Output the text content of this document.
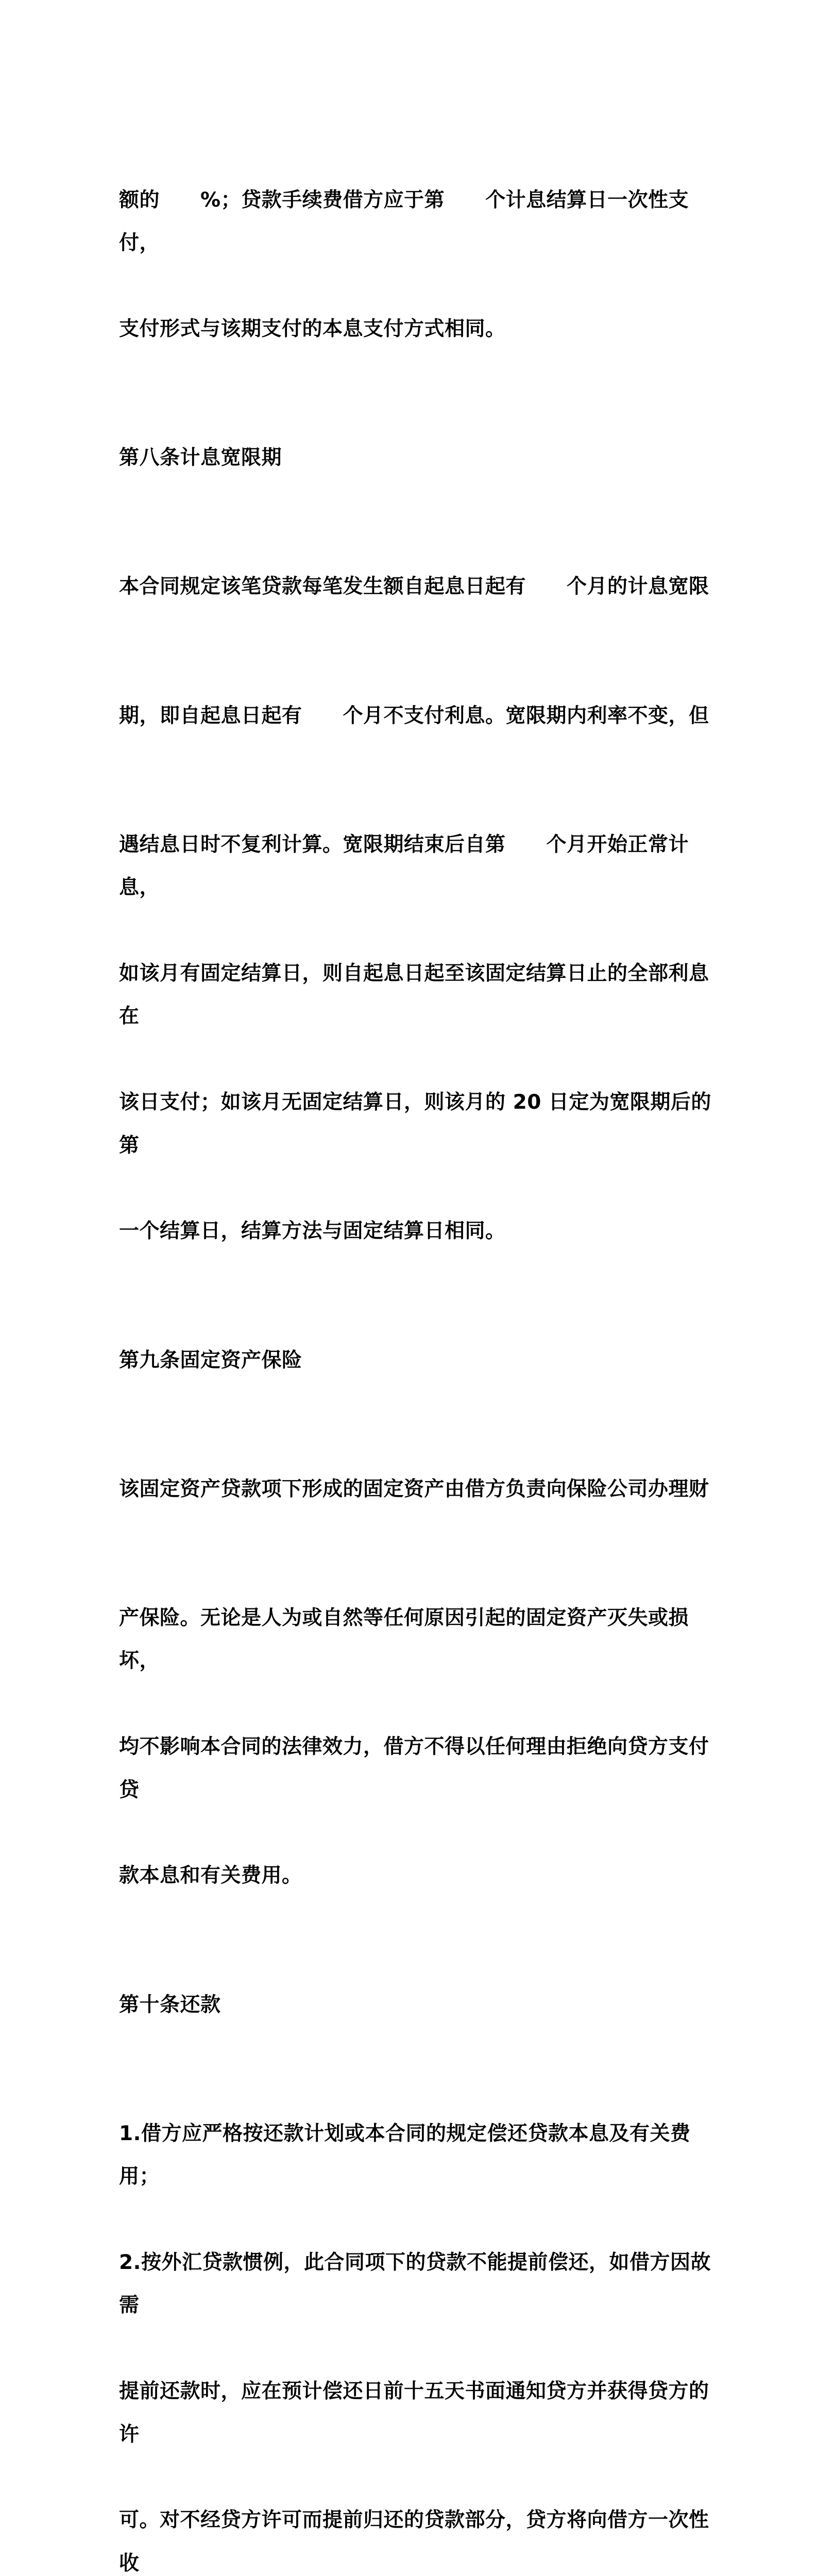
额的　　%；贷款手续费借方应于第　　个计息结算日一次性支付，

支付形式与该期支付的本息支付方式相同。

第八条计息宽限期

本合同规定该笔贷款每笔发生额自起息日起有　　个月的计息宽限

期，即自起息日起有　　个月不支付利息。宽限期内利率不变，但

遇结息日时不复利计算。宽限期结束后自第　　个月开始正常计息，

如该月有固定结算日，则自起息日起至该固定结算日止的全部利息在

该日支付；如该月无固定结算日，则该月的 20 日定为宽限期后的第

一个结算日，结算方法与固定结算日相同。

第九条固定资产保险

该固定资产贷款项下形成的固定资产由借方负责向保险公司办理财

产保险。无论是人为或自然等任何原因引起的固定资产灭失或损坏，

均不影响本合同的法律效力，借方不得以任何理由拒绝向贷方支付贷

款本息和有关费用。

第十条还款

1.借方应严格按还款计划或本合同的规定偿还贷款本息及有关费用；

2.按外汇贷款惯例，此合同项下的贷款不能提前偿还，如借方因故需

提前还款时，应在预计偿还日前十五天书面通知贷方并获得贷方的许

可。对不经贷方许可而提前归还的贷款部分，贷方将向借方一次性收
